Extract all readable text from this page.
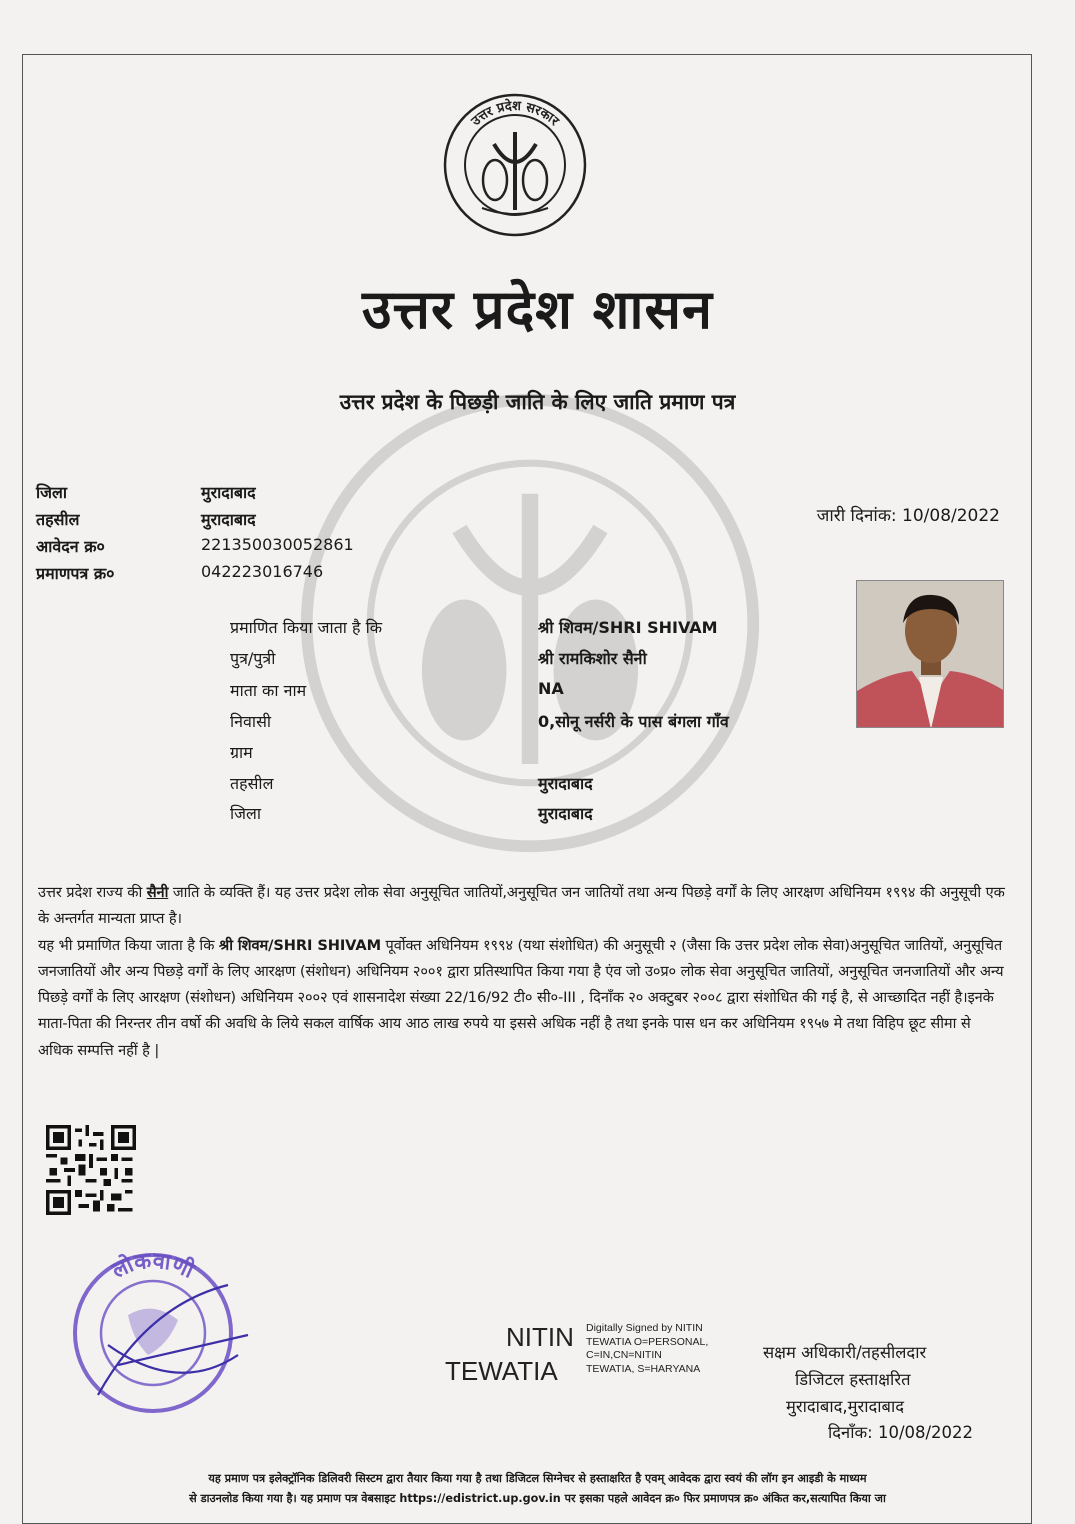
उत्तर प्रदेश सरकार
उत्तर प्रदेश शासन
उत्तर प्रदेश के पिछड़ी जाति के लिए जाति प्रमाण पत्र
जिला	मुरादाबाद
तहसील	मुरादाबाद
आवेदन क्र०	221350030052861
प्रमाणपत्र क्र०	042223016746
जारी दिनांक: 10/08/2022
प्रमाणित किया जाता है कि	श्री शिवम/SHRI SHIVAM
पुत्र/पुत्री	श्री रामकिशोर सैनी
माता का नाम	NA
निवासी	0,सोनू नर्सरी के पास बंगला गाँव
ग्राम
तहसील	मुरादाबाद
जिला	मुरादाबाद

उत्तर प्रदेश राज्य की सैनी जाति के व्यक्ति हैं। यह उत्तर प्रदेश लोक सेवा अनुसूचित जातियों,अनुसूचित जन जातियों तथा अन्य पिछड़े वर्गों के लिए आरक्षण अधिनियम १९९४ की अनुसूची एक के अन्तर्गत मान्यता प्राप्त है।

यह भी प्रमाणित किया जाता है कि श्री शिवम/SHRI SHIVAM पूर्वोक्त अधिनियम १९९४ (यथा संशोधित) की अनुसूची २ (जैसा कि उत्तर प्रदेश लोक सेवा)अनुसूचित जातियों, अनुसूचित जनजातियों और अन्य पिछड़े वर्गों के लिए आरक्षण (संशोधन) अधिनियम २००१ द्वारा प्रतिस्थापित किया गया है एंव जो उ०प्र० लोक सेवा अनुसूचित जातियों, अनुसूचित जनजातियों और अन्य पिछड़े वर्गों के लिए आरक्षण (संशोधन) अधिनियम २००२ एवं शासनादेश संख्या 22/16/92 टी० सी०-III , दिनाँक २० अक्टुबर २००८ द्वारा संशोधित की गई है, से आच्छादित नहीं है।इनके माता-पिता की निरन्तर तीन वर्षो की अवधि के लिये सकल वार्षिक आय आठ लाख रुपये या इससे अधिक नहीं है तथा इनके पास धन कर अधिनियम १९५७ मे तथा विहिप छूट सीमा से अधिक सम्पत्ति नहीं है |

लोकवाणी
NITIN
TEWATIA
Digitally Signed by NITIN
TEWATIA O=PERSONAL,
C=IN,CN=NITIN
TEWATIA, S=HARYANA
सक्षम अधिकारी/तहसीलदार
डिजिटल हस्ताक्षरित
मुरादाबाद,मुरादाबाद
दिनाँक: 10/08/2022
यह प्रमाण पत्र इलेक्ट्रॉनिक डिलिवरी सिस्टम द्वारा तैयार किया गया है तथा डिजिटल सिग्नेचर से हस्ताक्षरित है एवम् आवेदक द्वारा स्वयं की लॉग इन आइडी के माध्यम
से डाउनलोड किया गया है। यह प्रमाण पत्र वेबसाइट https://edistrict.up.gov.in पर इसका पहले आवेदन क्र० फिर प्रमाणपत्र क्र० अंकित कर,सत्यापित किया जा
